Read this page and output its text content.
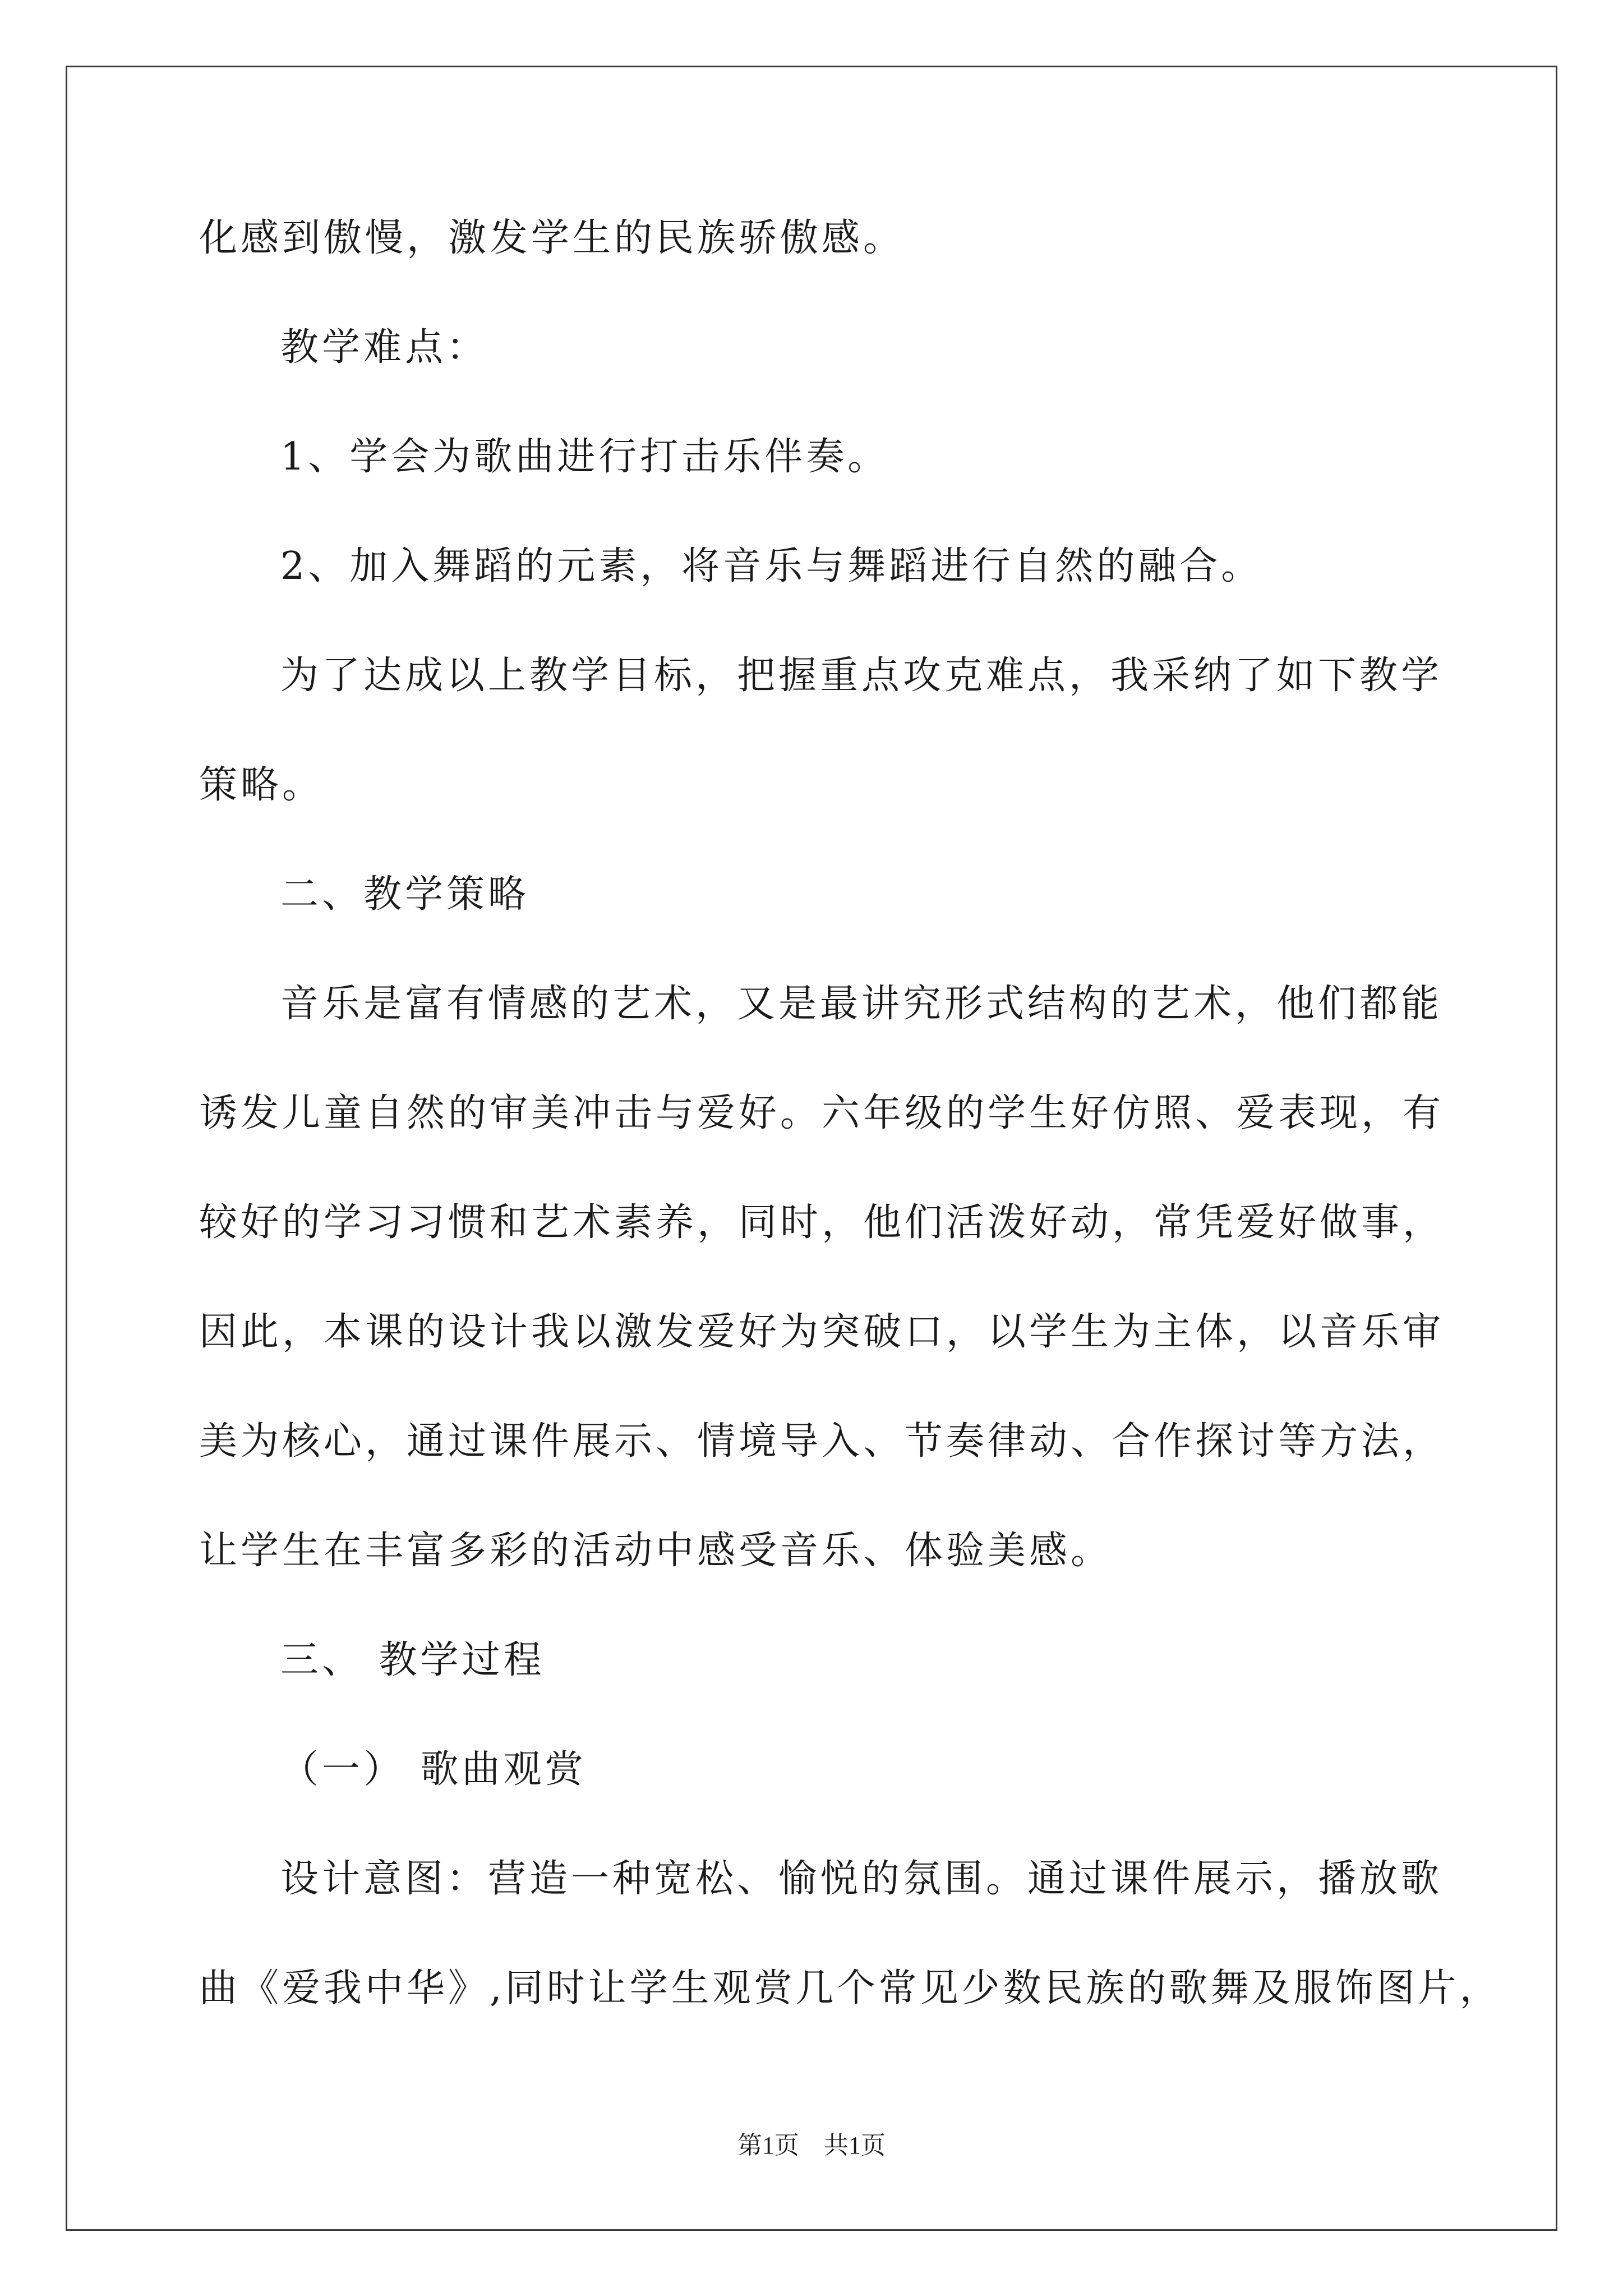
化感到傲慢，激发学生的民族骄傲感。
教学难点：
1、学会为歌曲进行打击乐伴奏。
2、加入舞蹈的元素，将音乐与舞蹈进行自然的融合。
为了达成以上教学目标，把握重点攻克难点，我采纳了如下教学
策略。
二、教学策略
音乐是富有情感的艺术，又是最讲究形式结构的艺术，他们都能
诱发儿童自然的审美冲击与爱好。六年级的学生好仿照、爱表现，有
较好的学习习惯和艺术素养，同时，他们活泼好动，常凭爱好做事，
因此，本课的设计我以激发爱好为突破口，以学生为主体，以音乐审
美为核心，通过课件展示、情境导入、节奏律动、合作探讨等方法，
让学生在丰富多彩的活动中感受音乐、体验美感。
三、 教学过程
（一） 歌曲观赏
设计意图：营造一种宽松、愉悦的氛围。通过课件展示，播放歌
曲《爱我中华》,同时让学生观赏几个常见少数民族的歌舞及服饰图片，
第1页　共1页
